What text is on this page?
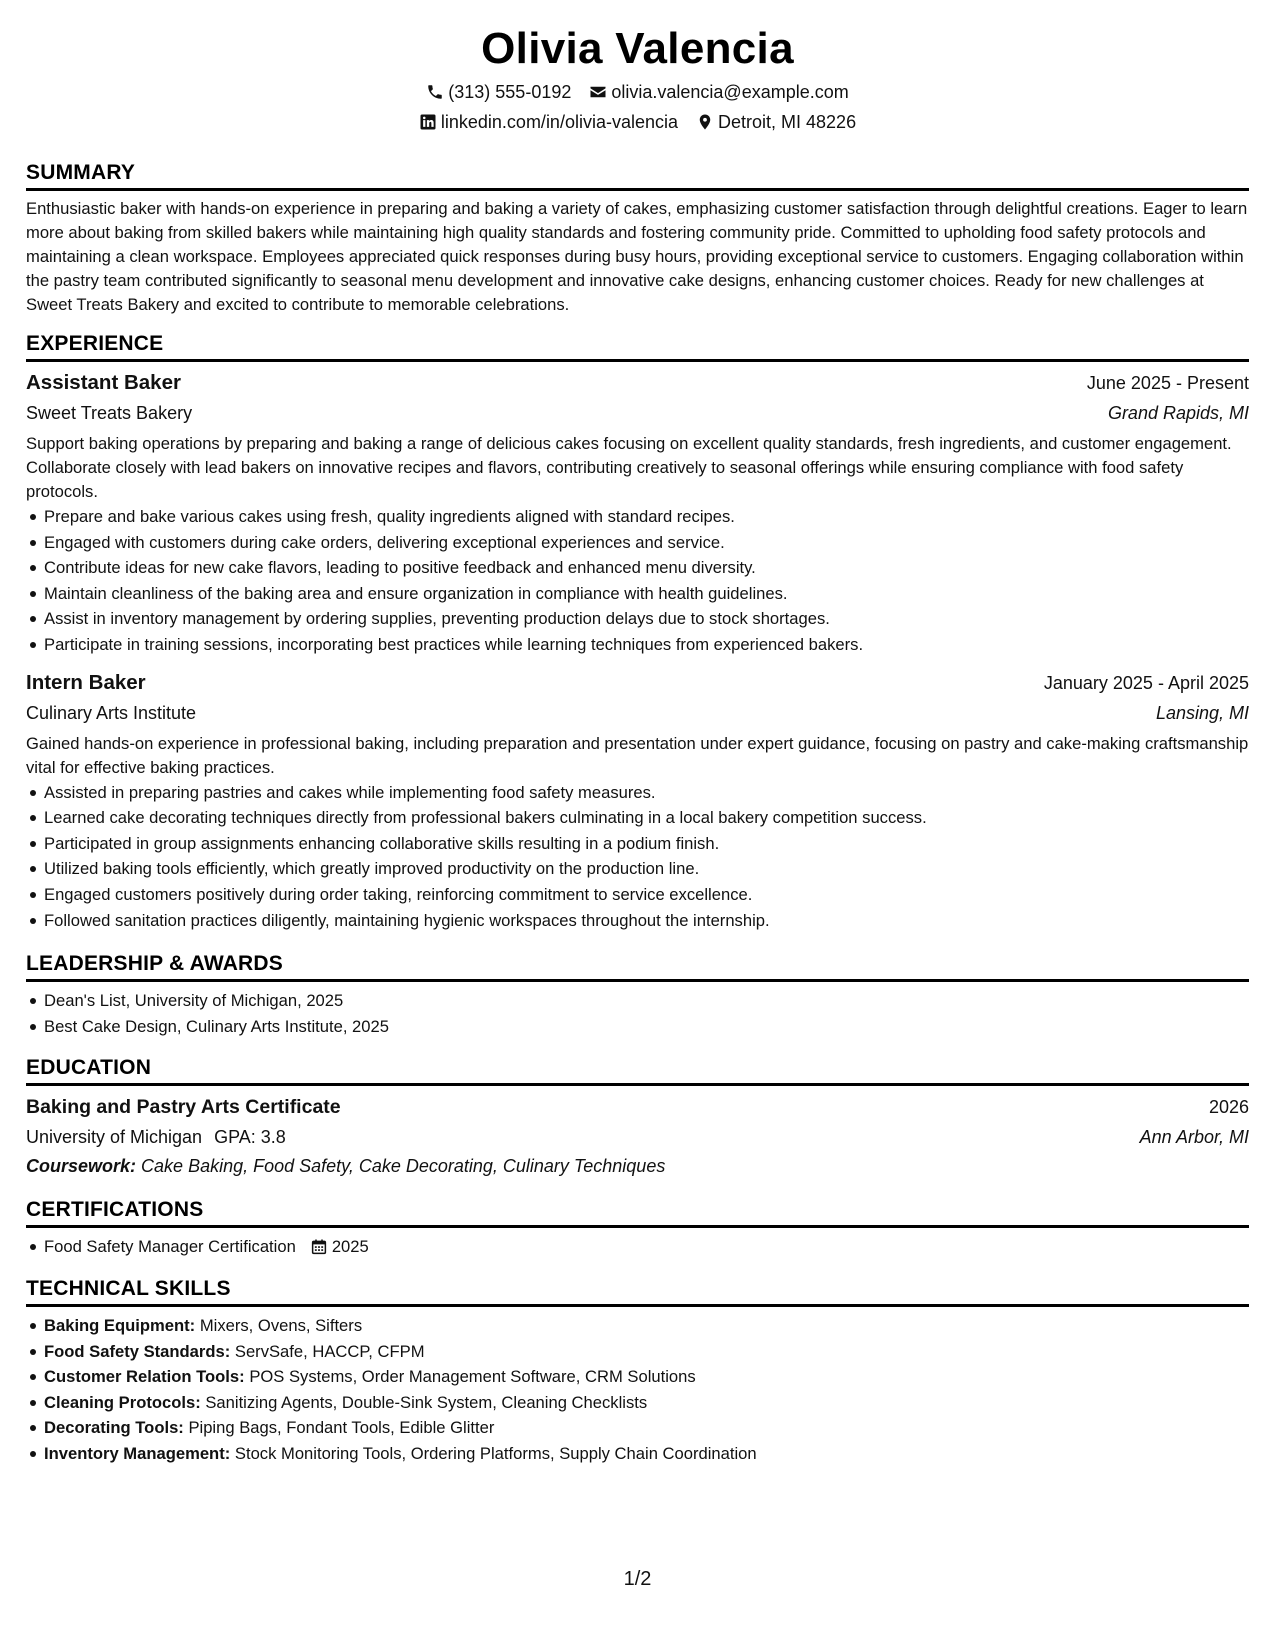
Olivia Valencia
(313) 555-0192 olivia.valencia@example.com
linkedin.com/in/olivia-valencia Detroit, MI 48226
SUMMARY
Enthusiastic baker with hands-on experience in preparing and baking a variety of cakes, emphasizing customer satisfaction through delightful creations. Eager to learn more about baking from skilled bakers while maintaining high quality standards and fostering community pride. Committed to upholding food safety protocols and maintaining a clean workspace. Employees appreciated quick responses during busy hours, providing exceptional service to customers. Engaging collaboration within the pastry team contributed significantly to seasonal menu development and innovative cake designs, enhancing customer choices. Ready for new challenges at Sweet Treats Bakery and excited to contribute to memorable celebrations.
EXPERIENCE
Assistant Baker	June 2025 - Present
Sweet Treats Bakery	Grand Rapids, MI
Support baking operations by preparing and baking a range of delicious cakes focusing on excellent quality standards, fresh ingredients, and customer engagement. Collaborate closely with lead bakers on innovative recipes and flavors, contributing creatively to seasonal offerings while ensuring compliance with food safety protocols.
Prepare and bake various cakes using fresh, quality ingredients aligned with standard recipes.
Engaged with customers during cake orders, delivering exceptional experiences and service.
Contribute ideas for new cake flavors, leading to positive feedback and enhanced menu diversity.
Maintain cleanliness of the baking area and ensure organization in compliance with health guidelines.
Assist in inventory management by ordering supplies, preventing production delays due to stock shortages.
Participate in training sessions, incorporating best practices while learning techniques from experienced bakers.
Intern Baker	January 2025 - April 2025
Culinary Arts Institute	Lansing, MI
Gained hands-on experience in professional baking, including preparation and presentation under expert guidance, focusing on pastry and cake-making craftsmanship vital for effective baking practices.
Assisted in preparing pastries and cakes while implementing food safety measures.
Learned cake decorating techniques directly from professional bakers culminating in a local bakery competition success.
Participated in group assignments enhancing collaborative skills resulting in a podium finish.
Utilized baking tools efficiently, which greatly improved productivity on the production line.
Engaged customers positively during order taking, reinforcing commitment to service excellence.
Followed sanitation practices diligently, maintaining hygienic workspaces throughout the internship.
LEADERSHIP & AWARDS
Dean's List, University of Michigan, 2025
Best Cake Design, Culinary Arts Institute, 2025
EDUCATION
Baking and Pastry Arts Certificate	2026
University of Michigan GPA: 3.8	Ann Arbor, MI
Coursework: Cake Baking, Food Safety, Cake Decorating, Culinary Techniques
CERTIFICATIONS
Food Safety Manager Certification 2025
TECHNICAL SKILLS
Baking Equipment: Mixers, Ovens, Sifters
Food Safety Standards: ServSafe, HACCP, CFPM
Customer Relation Tools: POS Systems, Order Management Software, CRM Solutions
Cleaning Protocols: Sanitizing Agents, Double-Sink System, Cleaning Checklists
Decorating Tools: Piping Bags, Fondant Tools, Edible Glitter
Inventory Management: Stock Monitoring Tools, Ordering Platforms, Supply Chain Coordination
1/2
